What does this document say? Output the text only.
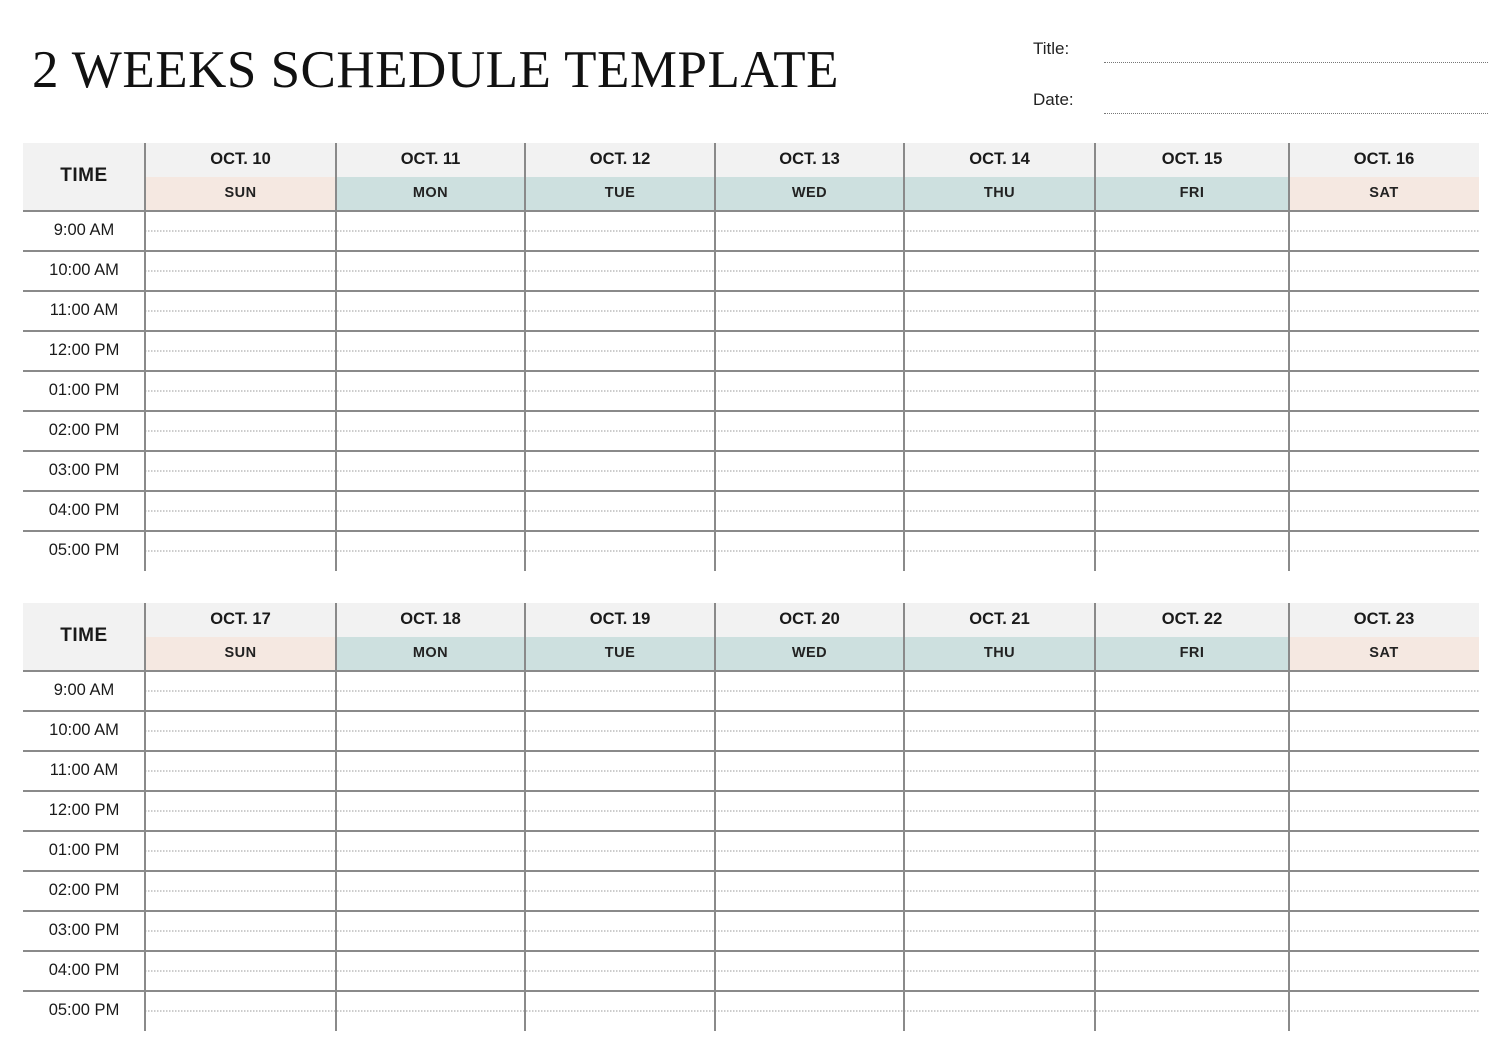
2 WEEKS SCHEDULE TEMPLATE	Title:
Date:
TIME
OCT. 10
SUN
OCT. 11
MON
OCT. 12
TUE
OCT. 13
WED
OCT. 14
THU
OCT. 15
FRI
OCT. 16
SAT
9:00 AM
10:00 AM
11:00 AM
12:00 PM
01:00 PM
02:00 PM
03:00 PM
04:00 PM
05:00 PM
TIME
OCT. 17
SUN
OCT. 18
MON
OCT. 19
TUE
OCT. 20
WED
OCT. 21
THU
OCT. 22
FRI
OCT. 23
SAT
9:00 AM
10:00 AM
11:00 AM
12:00 PM
01:00 PM
02:00 PM
03:00 PM
04:00 PM
05:00 PM
